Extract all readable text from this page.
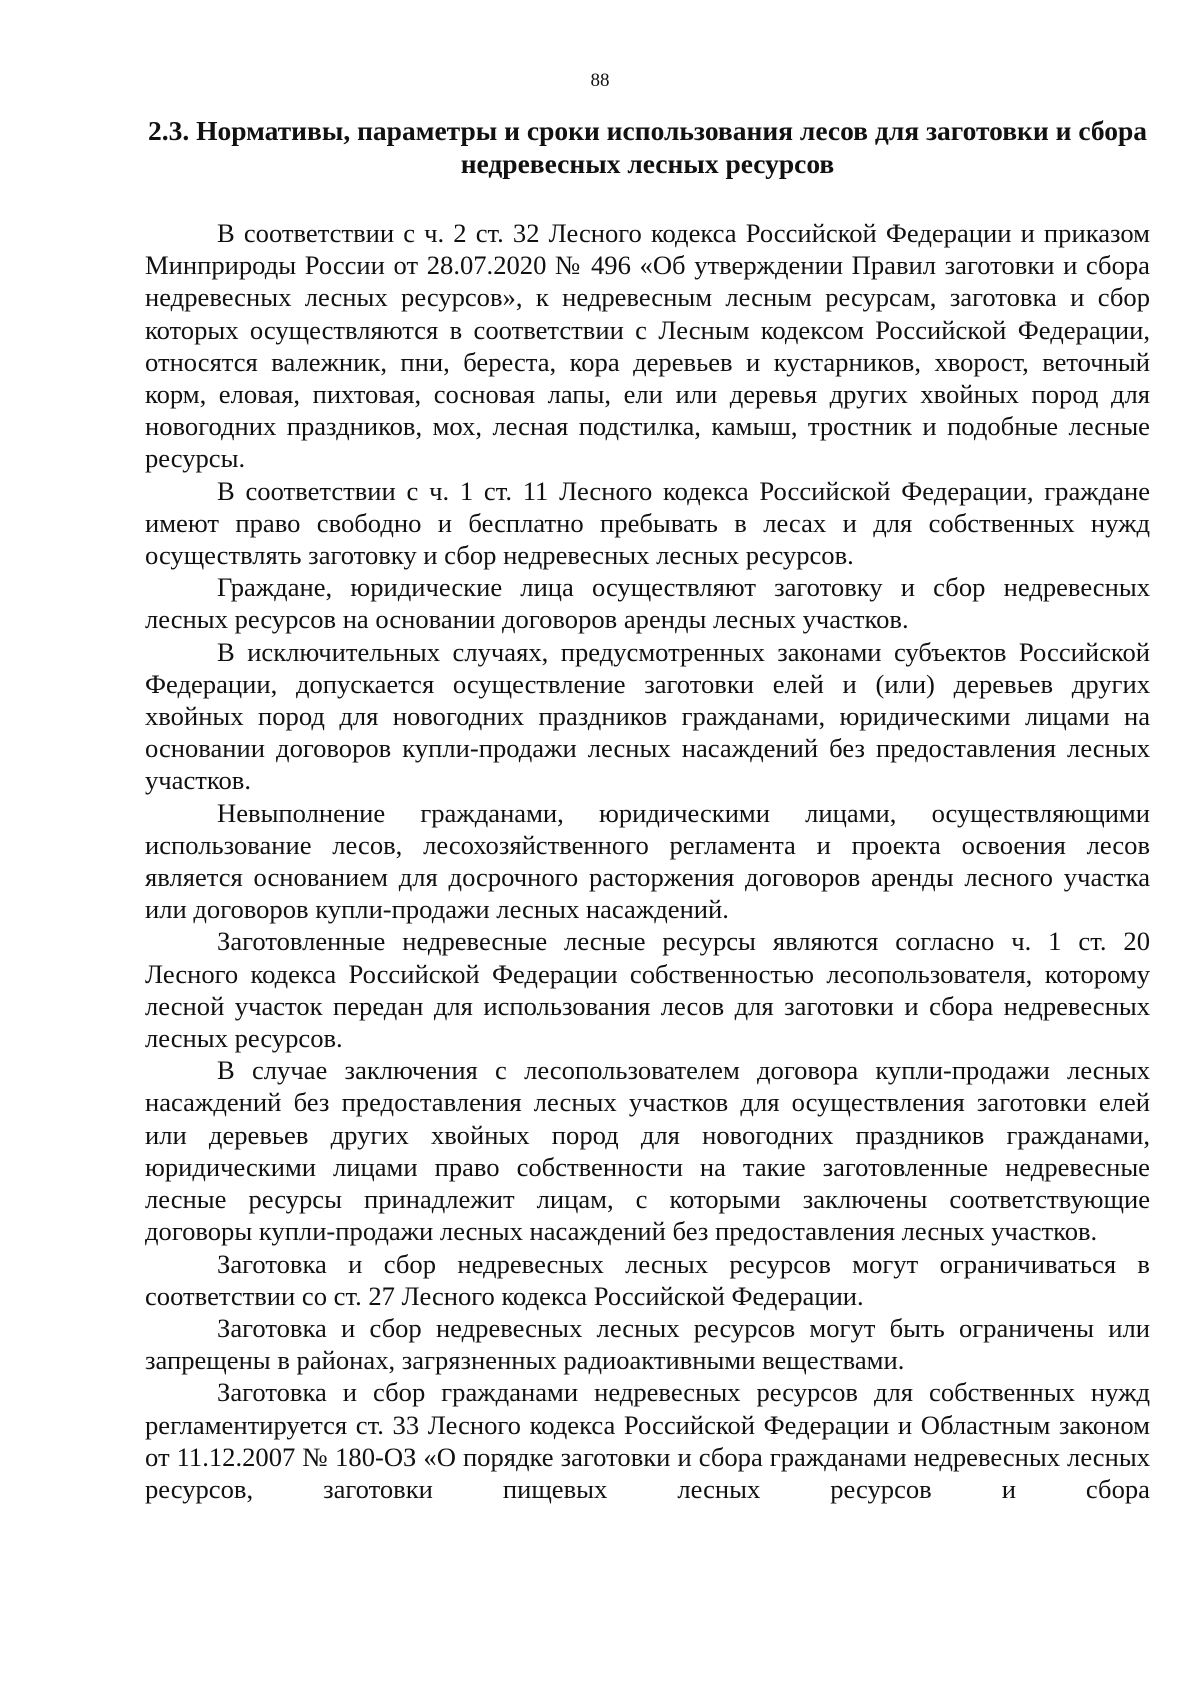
88
2.3. Нормативы, параметры и сроки использования лесов для заготовки и сбора недревесных лесных ресурсов

В соответствии с ч. 2 ст. 32 Лесного кодекса Российской Федерации и приказом Минприроды России от 28.07.2020 № 496 «Об утверждении Правил заготовки и сбора недревесных лесных ресурсов», к недревесным лесным ресурсам, заготовка и сбор которых осуществляются в соответствии с Лесным кодексом Российской Федерации, относятся валежник, пни, береста, кора деревьев и кустарников, хворост, веточный корм, еловая, пихтовая, сосновая лапы, ели или деревья других хвойных пород для новогодних праздников, мох, лесная подстилка, камыш, тростник и подобные лесные ресурсы.

В соответствии с ч. 1 ст. 11 Лесного кодекса Российской Федерации, граждане имеют право свободно и бесплатно пребывать в лесах и для собственных нужд осуществлять заготовку и сбор недревесных лесных ресурсов.

Граждане, юридические лица осуществляют заготовку и сбор недревесных лесных ресурсов на основании договоров аренды лесных участков.

В исключительных случаях, предусмотренных законами субъектов Российской Федерации, допускается осуществление заготовки елей и (или) деревьев других хвойных пород для новогодних праздников гражданами, юридическими лицами на основании договоров купли-продажи лесных насаждений без предоставления лесных участков.

Невыполнение гражданами, юридическими лицами, осуществляющими использование лесов, лесохозяйственного регламента и проекта освоения лесов является основанием для досрочного расторжения договоров аренды лесного участка или договоров купли-продажи лесных насаждений.

Заготовленные недревесные лесные ресурсы являются согласно ч. 1 ст. 20 Лесного кодекса Российской Федерации собственностью лесопользователя, которому лесной участок передан для использования лесов для заготовки и сбора недревесных лесных ресурсов.

В случае заключения с лесопользователем договора купли-продажи лесных насаждений без предоставления лесных участков для осуществления заготовки елей или деревьев других хвойных пород для новогодних праздников гражданами, юридическими лицами право собственности на такие заготовленные недревесные лесные ресурсы принадлежит лицам, с которыми заключены соответствующие договоры купли-продажи лесных насаждений без предоставления лесных участков.

Заготовка и сбор недревесных лесных ресурсов могут ограничиваться в соответствии со ст. 27 Лесного кодекса Российской Федерации.

Заготовка и сбор недревесных лесных ресурсов могут быть ограничены или запрещены в районах, загрязненных радиоактивными веществами.

Заготовка и сбор гражданами недревесных ресурсов для собственных нужд регламентируется ст. 33 Лесного кодекса Российской Федерации и Областным законом от 11.12.2007 № 180-ОЗ «О порядке заготовки и сбора гражданами недревесных лесных ресурсов, заготовки пищевых лесных ресурсов и сбора
